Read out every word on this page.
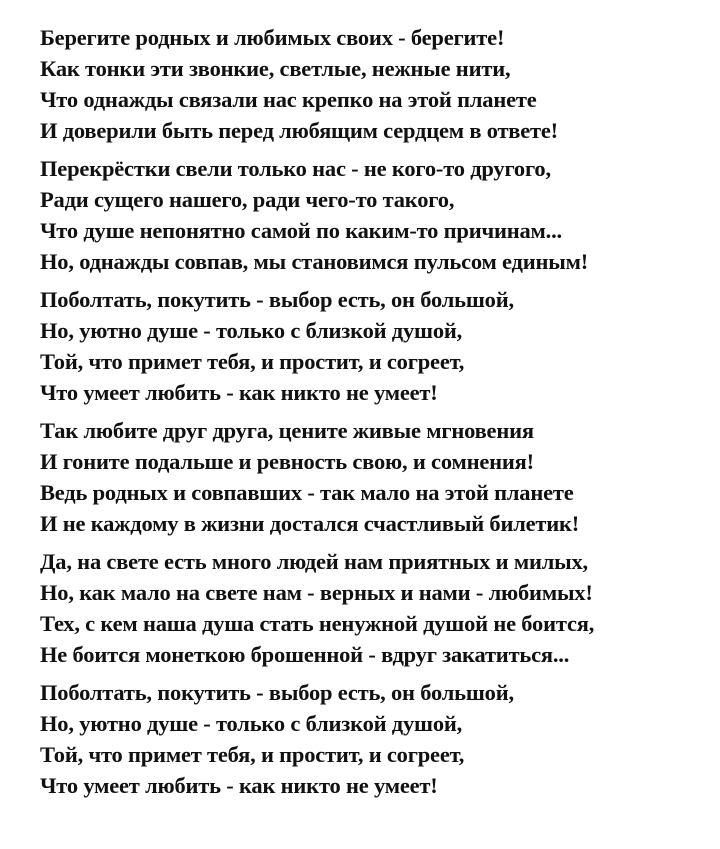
Берегите родных и любимых своих - берегите!
Как тонки эти звонкие, светлые, нежные нити,
Что однажды связали нас крепко на этой планете
И доверили быть перед любящим сердцем в ответе!
Перекрёстки свели только нас - не кого-то другого,
Ради сущего нашего, ради чего-то такого,
Что душе непонятно самой по каким-то причинам...
Но, однажды совпав, мы становимся пульсом единым!
Поболтать, покутить - выбор есть, он большой,
Но, уютно душе - только с близкой душой,
Той, что примет тебя, и простит, и согреет,
Что умеет любить - как никто не умеет!
Так любите друг друга, цените живые мгновения
И гоните подальше и ревность свою, и сомнения!
Ведь родных и совпавших - так мало на этой планете
И не каждому в жизни достался счастливый билетик!
Да, на свете есть много людей нам приятных и милых,
Но, как мало на свете нам - верных и нами - любимых!
Тех, с кем наша душа стать ненужной душой не боится,
Не боится монеткою брошенной - вдруг закатиться...
Поболтать, покутить - выбор есть, он большой,
Но, уютно душе - только с близкой душой,
Той, что примет тебя, и простит, и согреет,
Что умеет любить - как никто не умеет!
